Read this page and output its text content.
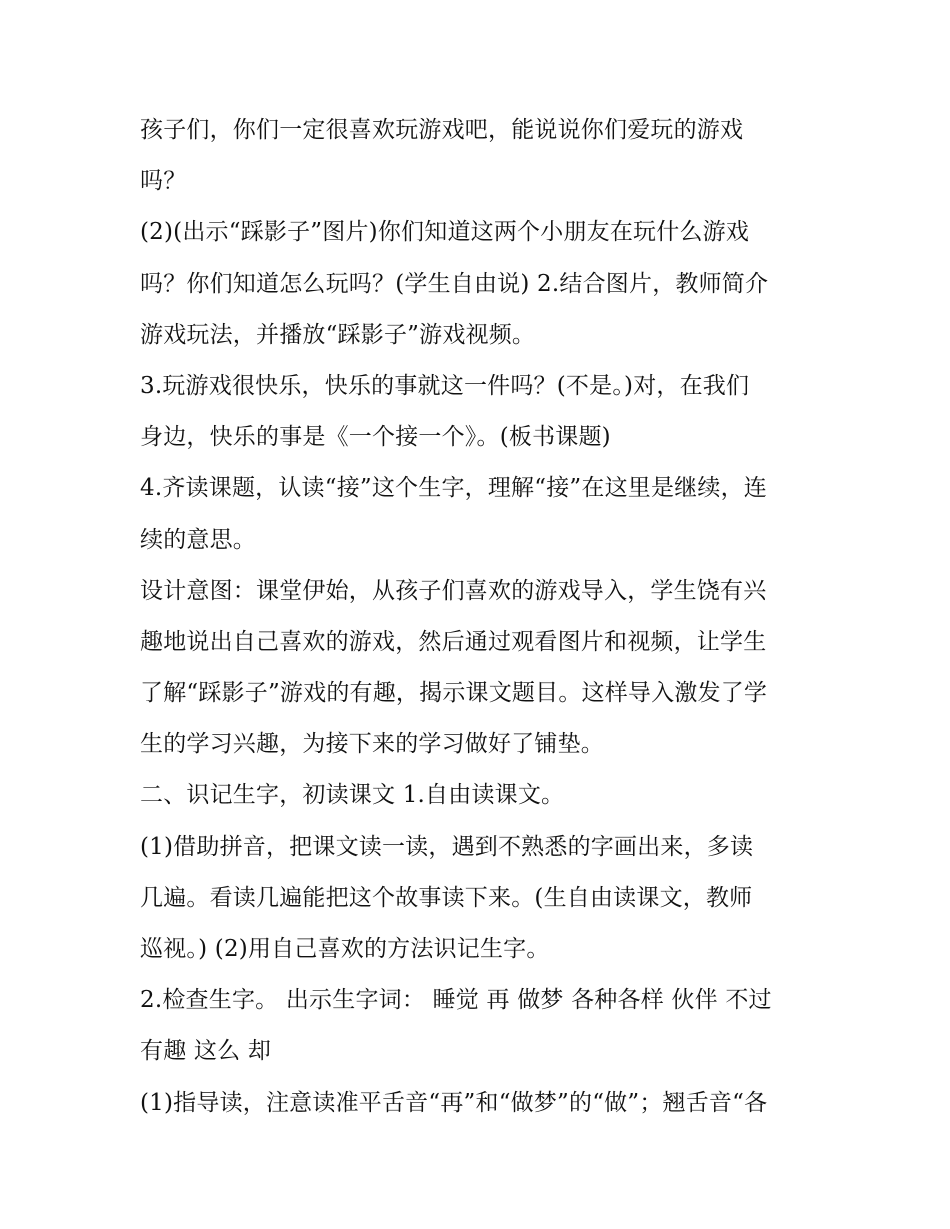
孩子们，你们一定很喜欢玩游戏吧，能说说你们爱玩的游戏
吗？
(2)(出示“踩影子”图片)你们知道这两个小朋友在玩什么游戏
吗？你们知道怎么玩吗？(学生自由说) 2.结合图片，教师简介
游戏玩法，并播放“踩影子”游戏视频。
3.玩游戏很快乐，快乐的事就这一件吗？(不是。)对，在我们
身边，快乐的事是《一个接一个》。(板书课题)
4.齐读课题，认读“接”这个生字，理解“接”在这里是继续，连
续的意思。
设计意图：课堂伊始，从孩子们喜欢的游戏导入，学生饶有兴
趣地说出自己喜欢的游戏，然后通过观看图片和视频，让学生
了解“踩影子”游戏的有趣，揭示课文题目。这样导入激发了学
生的学习兴趣，为接下来的学习做好了铺垫。
二、识记生字，初读课文 1.自由读课文。
(1)借助拼音，把课文读一读，遇到不熟悉的字画出来，多读
几遍。看读几遍能把这个故事读下来。(生自由读课文，教师
巡视。) (2)用自己喜欢的方法识记生字。
2.检查生字。 出示生字词： 睡觉 再 做梦 各种各样 伙伴 不过
有趣 这么 却
(1)指导读，注意读准平舌音“再”和“做梦”的“做”；翘舌音“各
